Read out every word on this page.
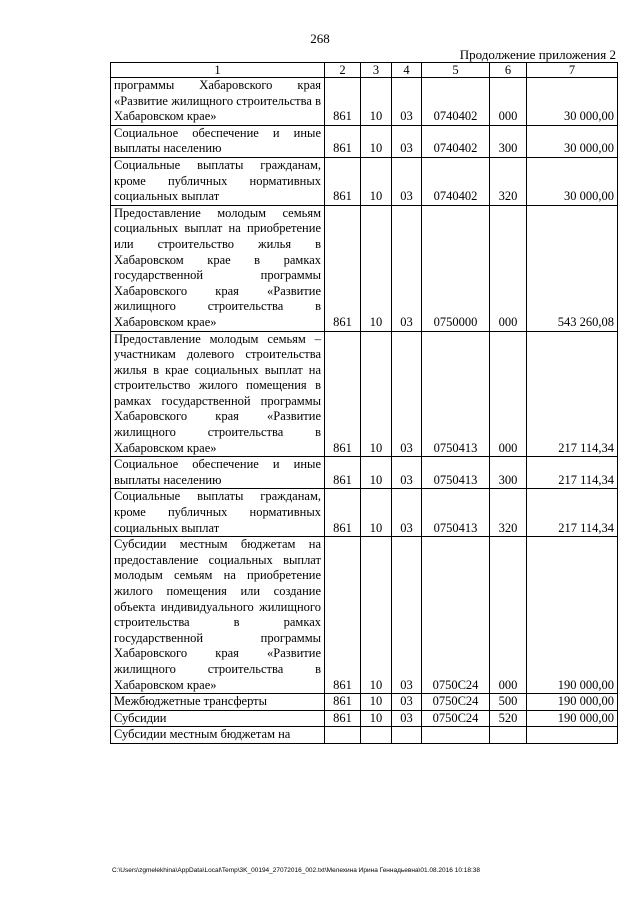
268
Продолжение приложения 2
1	2	3	4	5	6	7
программы Хабаровского края «Развитие жилищного строительства в Хабаровском крае»	861	10	03	0740402	000	30 000,00
Социальное обеспечение и иные выплаты населению	861	10	03	0740402	300	30 000,00
Социальные выплаты гражданам, кроме публичных нормативных социальных выплат	861	10	03	0740402	320	30 000,00
Предоставление молодым семьям социальных выплат на приобретение или строительство жилья в Хабаровском крае в рамках государственной программы Хабаровского края «Развитие жилищного строительства в Хабаровском крае»	861	10	03	0750000	000	543 260,08
Предоставление молодым семьям – участникам долевого строительства жилья в крае социальных выплат на строительство жилого помещения в рамках государственной программы Хабаровского края «Развитие жилищного строительства в Хабаровском крае»	861	10	03	0750413	000	217 114,34
Социальное обеспечение и иные выплаты населению	861	10	03	0750413	300	217 114,34
Социальные выплаты гражданам, кроме публичных нормативных социальных выплат	861	10	03	0750413	320	217 114,34
Субсидии местным бюджетам на предоставление социальных выплат молодым семьям на приобретение жилого помещения или создание объекта индивидуального жилищного строительства в рамках государственной программы Хабаровского края «Развитие жилищного строительства в Хабаровском крае»	861	10	03	0750С24	000	190 000,00
Межбюджетные трансферты	861	10	03	0750С24	500	190 000,00
Субсидии	861	10	03	0750С24	520	190 000,00
Субсидии местным бюджетам на						
C:\Users\zgmelekhina\AppData\Local\Temp\3K_00194_27072016_002.txt\Мелехина Ирина Геннадьевна\01.08.2016 10:18:38
